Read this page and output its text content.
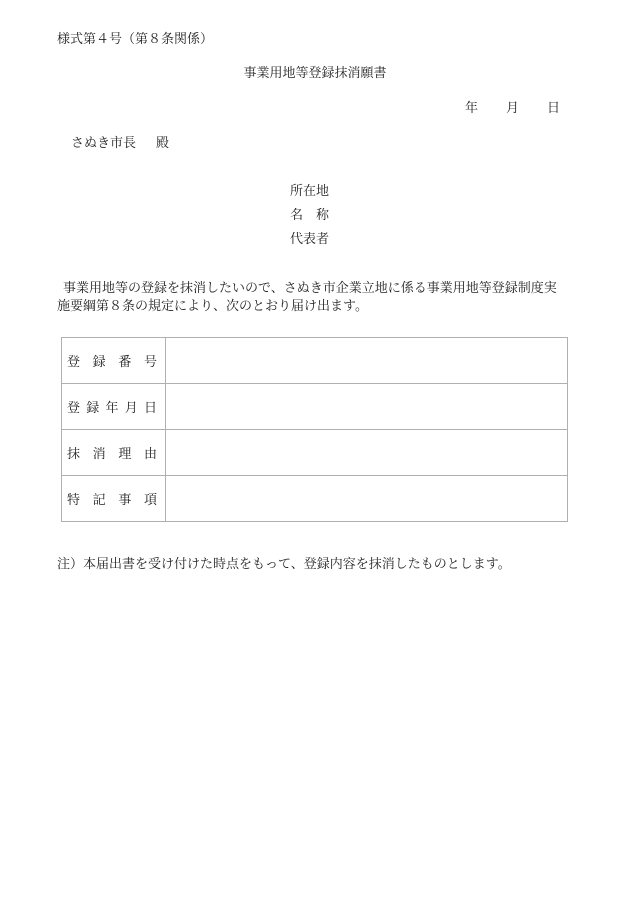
様式第４号（第８条関係）
事業用地等登録抹消願書
年 月 日
さぬき市長 殿
所在地
名　称
代表者
事業用地等の登録を抹消したいので、さぬき市企業立地に係る事業用地等登録制度実
施要綱第８条の規定により、次のとおり届け出ます。
登 録 番 号	

登 録 年 月 日	

抹 消 理 由	

特 記 事 項	

注）本届出書を受け付けた時点をもって、登録内容を抹消したものとします。
